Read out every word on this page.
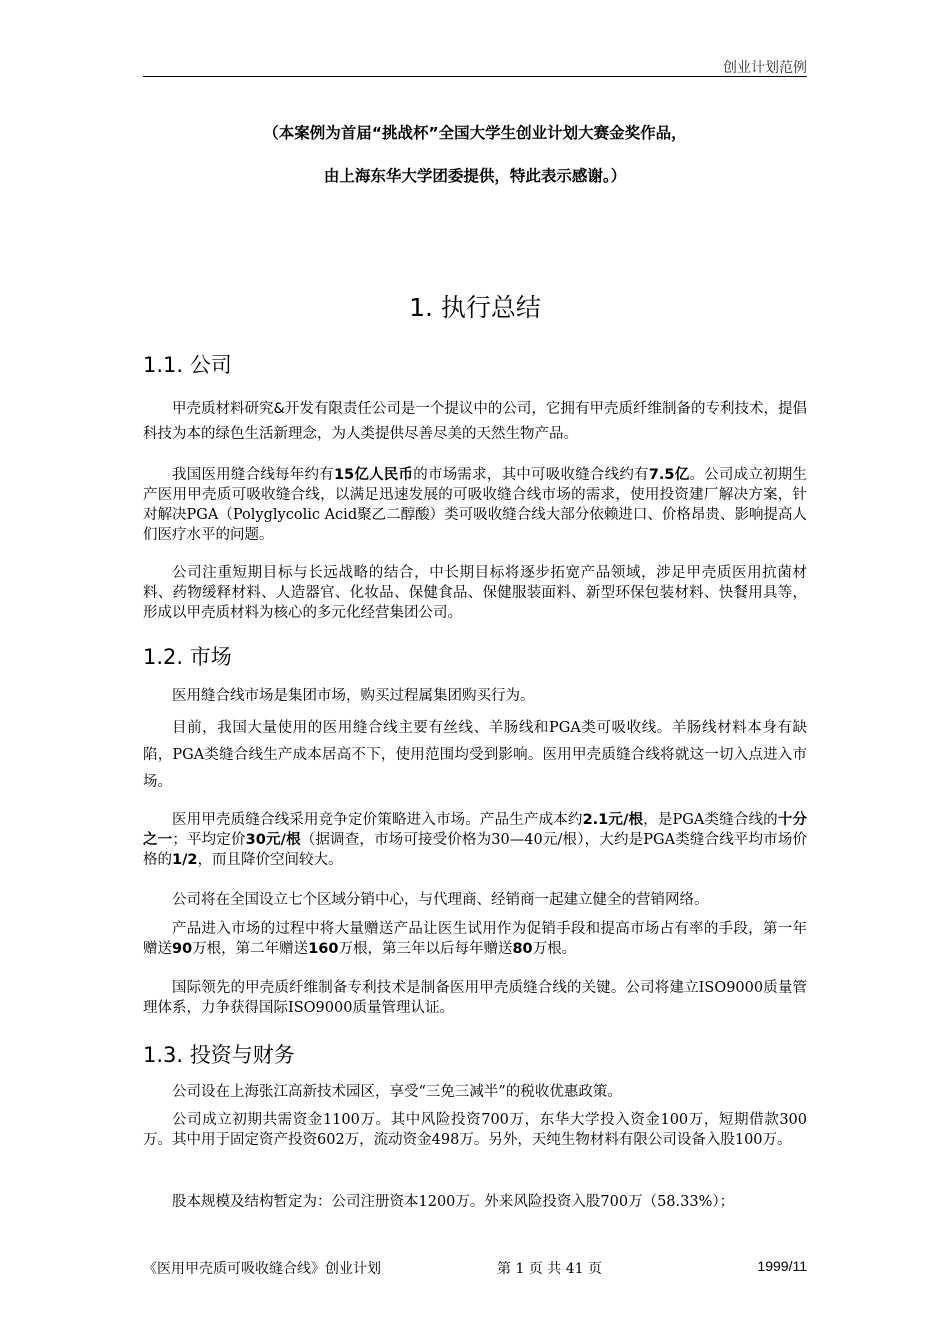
创业计划范例
（本案例为首届“挑战杯”全国大学生创业计划大赛金奖作品，
由上海东华大学团委提供，特此表示感谢。）
1. 执行总结
1.1. 公司
甲壳质材料研究&开发有限责任公司是一个提议中的公司，它拥有甲壳质纤维制备的专利技术，提倡科技为本的绿色生活新理念，为人类提供尽善尽美的天然生物产品。
我国医用缝合线每年约有15亿人民币的市场需求，其中可吸收缝合线约有7.5亿。公司成立初期生产医用甲壳质可吸收缝合线，以满足迅速发展的可吸收缝合线市场的需求，使用投资建厂解决方案，针对解决PGA（Polyglycolic Acid聚乙二醇酸）类可吸收缝合线大部分依赖进口、价格昂贵、影响提高人们医疗水平的问题。
公司注重短期目标与长远战略的结合，中长期目标将逐步拓宽产品领域，涉足甲壳质医用抗菌材料、药物缓释材料、人造器官、化妆品、保健食品、保健服装面料、新型环保包装材料、快餐用具等，形成以甲壳质材料为核心的多元化经营集团公司。
1.2. 市场
医用缝合线市场是集团市场，购买过程属集团购买行为。
目前，我国大量使用的医用缝合线主要有丝线、羊肠线和PGA类可吸收线。羊肠线材料本身有缺陷，PGA类缝合线生产成本居高不下，使用范围均受到影响。医用甲壳质缝合线将就这一切入点进入市场。
医用甲壳质缝合线采用竞争定价策略进入市场。产品生产成本约2.1元/根，是PGA类缝合线的十分之一；平均定价30元/根（据调查，市场可接受价格为30—40元/根），大约是PGA类缝合线平均市场价格的1/2，而且降价空间较大。
公司将在全国设立七个区域分销中心，与代理商、经销商一起建立健全的营销网络。
产品进入市场的过程中将大量赠送产品让医生试用作为促销手段和提高市场占有率的手段，第一年赠送90万根，第二年赠送160万根，第三年以后每年赠送80万根。
国际领先的甲壳质纤维制备专利技术是制备医用甲壳质缝合线的关键。公司将建立ISO9000质量管理体系，力争获得国际ISO9000质量管理认证。
1.3. 投资与财务
公司设在上海张江高新技术园区，享受“三免三减半”的税收优惠政策。
公司成立初期共需资金1100万。其中风险投资700万，东华大学投入资金100万，短期借款300万。其中用于固定资产投资602万，流动资金498万。另外，天纯生物材料有限公司设备入股100万。
股本规模及结构暂定为：公司注册资本1200万。外来风险投资入股700万（58.33%）；
《医用甲壳质可吸收缝合线》创业计划	第 1 页 共 41 页	1999/11
